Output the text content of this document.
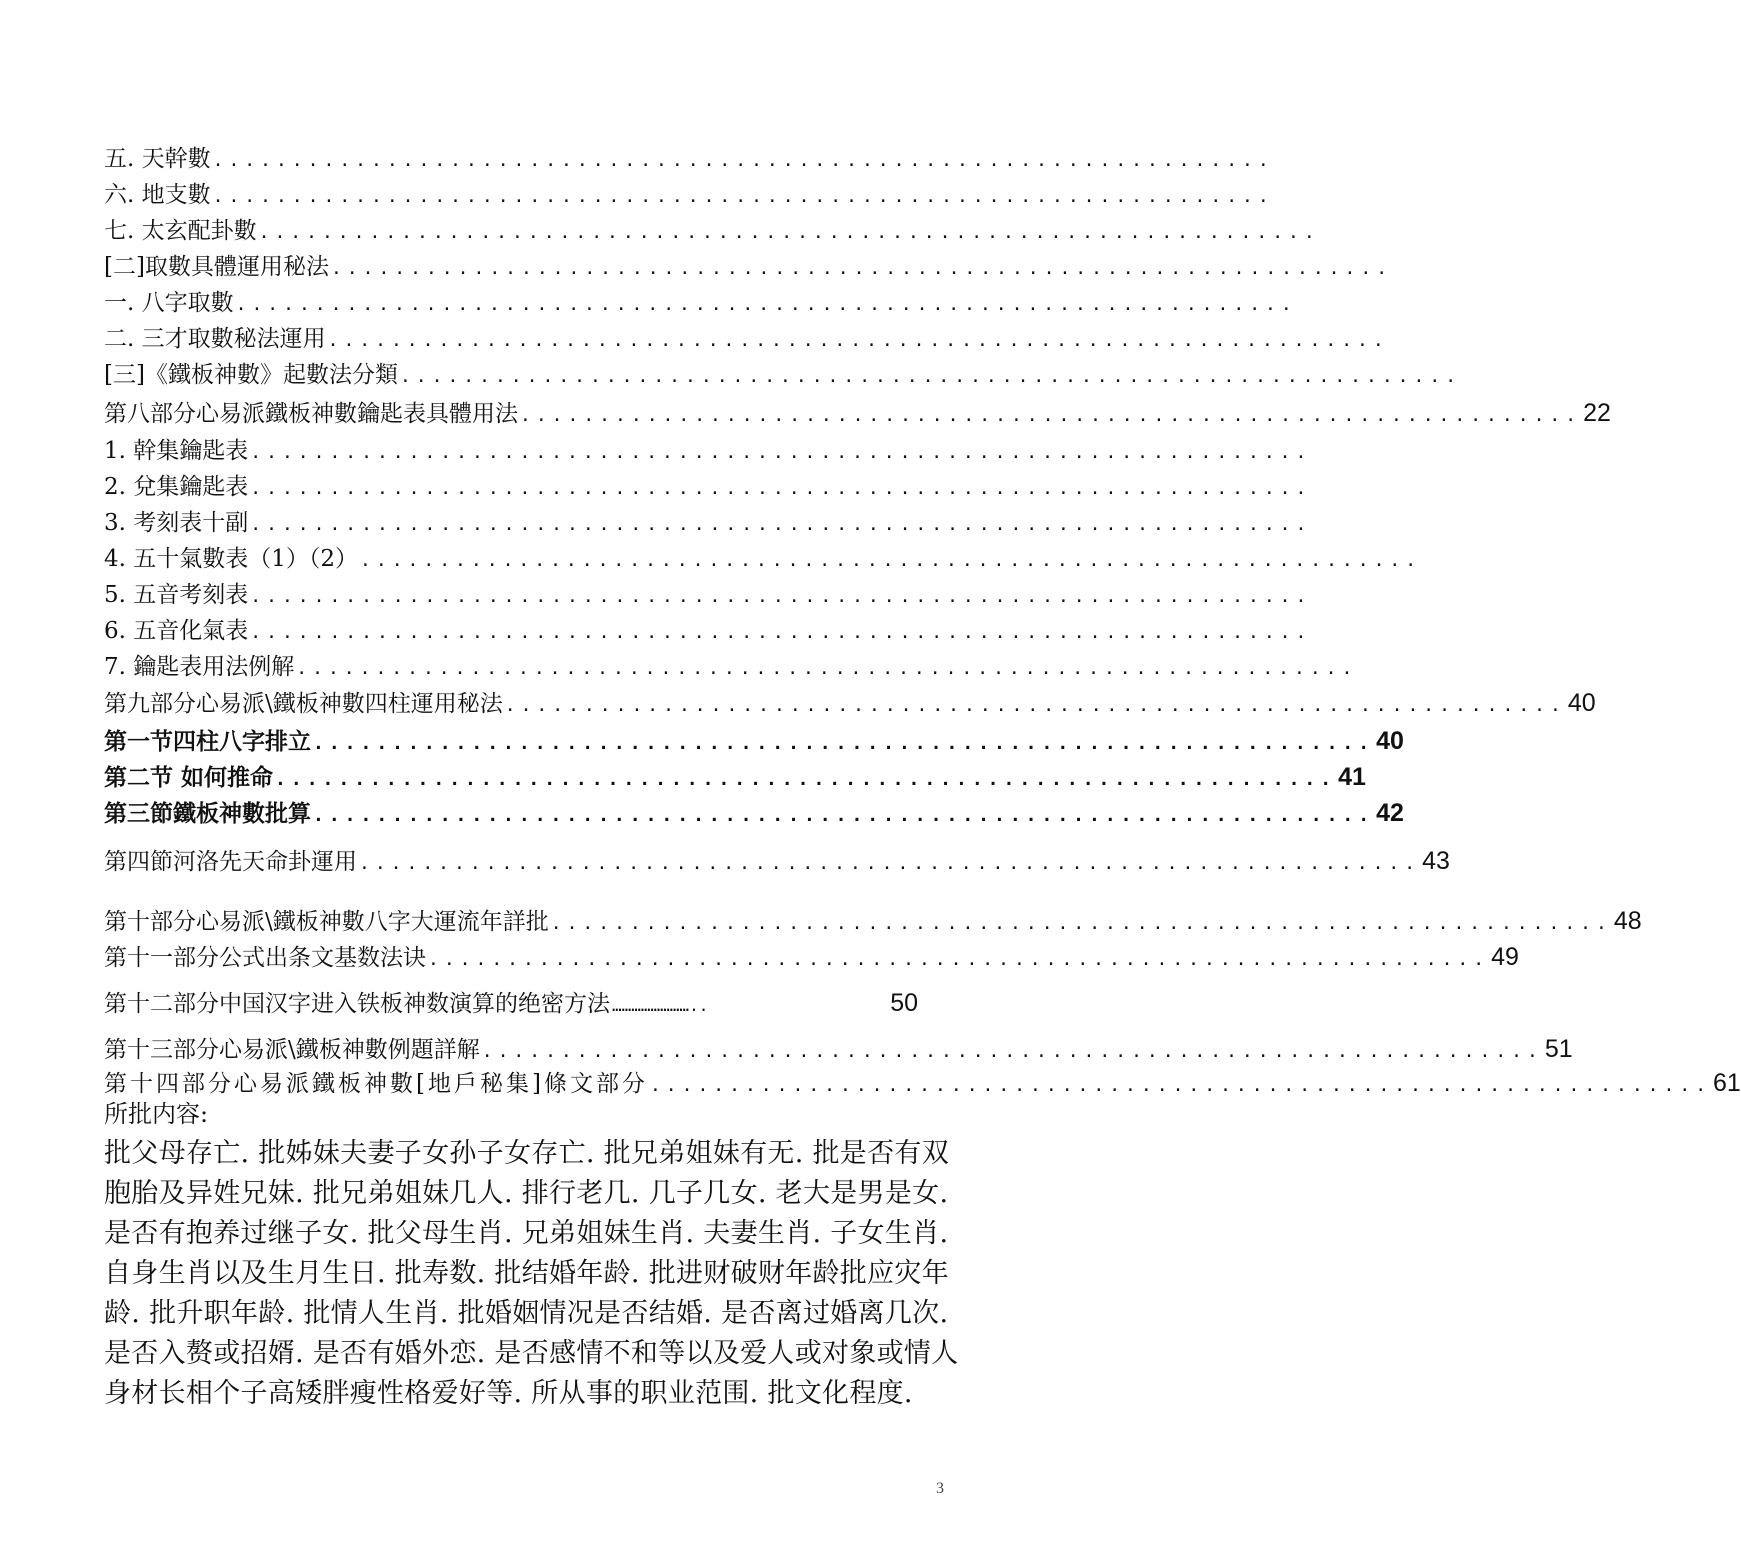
五. 天幹數 ...................................................................
六. 地支數 ...................................................................
七. 太玄配卦數 ...................................................................
[二]取數具體運用秘法 ...................................................................
一. 八字取數 ...................................................................
二. 三才取數秘法運用 ...................................................................
[三]《鐵板神數》起數法分類 ...................................................................
第八部分心易派鐵板神數鑰匙表具體用法 ................................................................... 22
1. 幹集鑰匙表 ...................................................................
2. 兌集鑰匙表 ...................................................................
3. 考刻表十副 ...................................................................
4. 五十氣數表（1）（2） ...................................................................
5. 五音考刻表 ...................................................................
6. 五音化氣表 ...................................................................
7. 鑰匙表用法例解 ...................................................................
第九部分心易派\鐵板神數四柱運用秘法 ................................................................... 40
第一节四柱八字排立 ................................................................... 40
第二节 如何推命 ................................................................... 41
第三節鐵板神數批算 ................................................................... 42
第四節河洛先天命卦運用 ................................................................... 43
第十部分心易派\鐵板神數八字大運流年詳批 ................................................................... 48
第十一部分公式出条文基数法诀 ................................................................... 49
第十二部分中国汉字进入铁板神数演算的绝密方法 ……………………..	50
第十三部分心易派\鐵板神數例題詳解 ................................................................... 51
第十四部分心易派鐵板神數[地戶秘集]條文部分 ................................................................... 61
所批内容:
批父母存亡. 批姊妹夫妻子女孙子女存亡. 批兄弟姐妹有无. 批是否有双胞胎及异姓兄妹. 批兄弟姐妹几人. 排行老几. 几子几女. 老大是男是女. 是否有抱养过继子女. 批父母生肖. 兄弟姐妹生肖. 夫妻生肖. 子女生肖. 自身生肖以及生月生日. 批寿数. 批结婚年龄. 批进财破财年龄批应灾年龄. 批升职年龄. 批情人生肖. 批婚姻情况是否结婚. 是否离过婚离几次. 是否入赘或招婿. 是否有婚外恋. 是否感情不和等以及爱人或对象或情人身材长相个子高矮胖瘦性格爱好等. 所从事的职业范围. 批文化程度.
3
